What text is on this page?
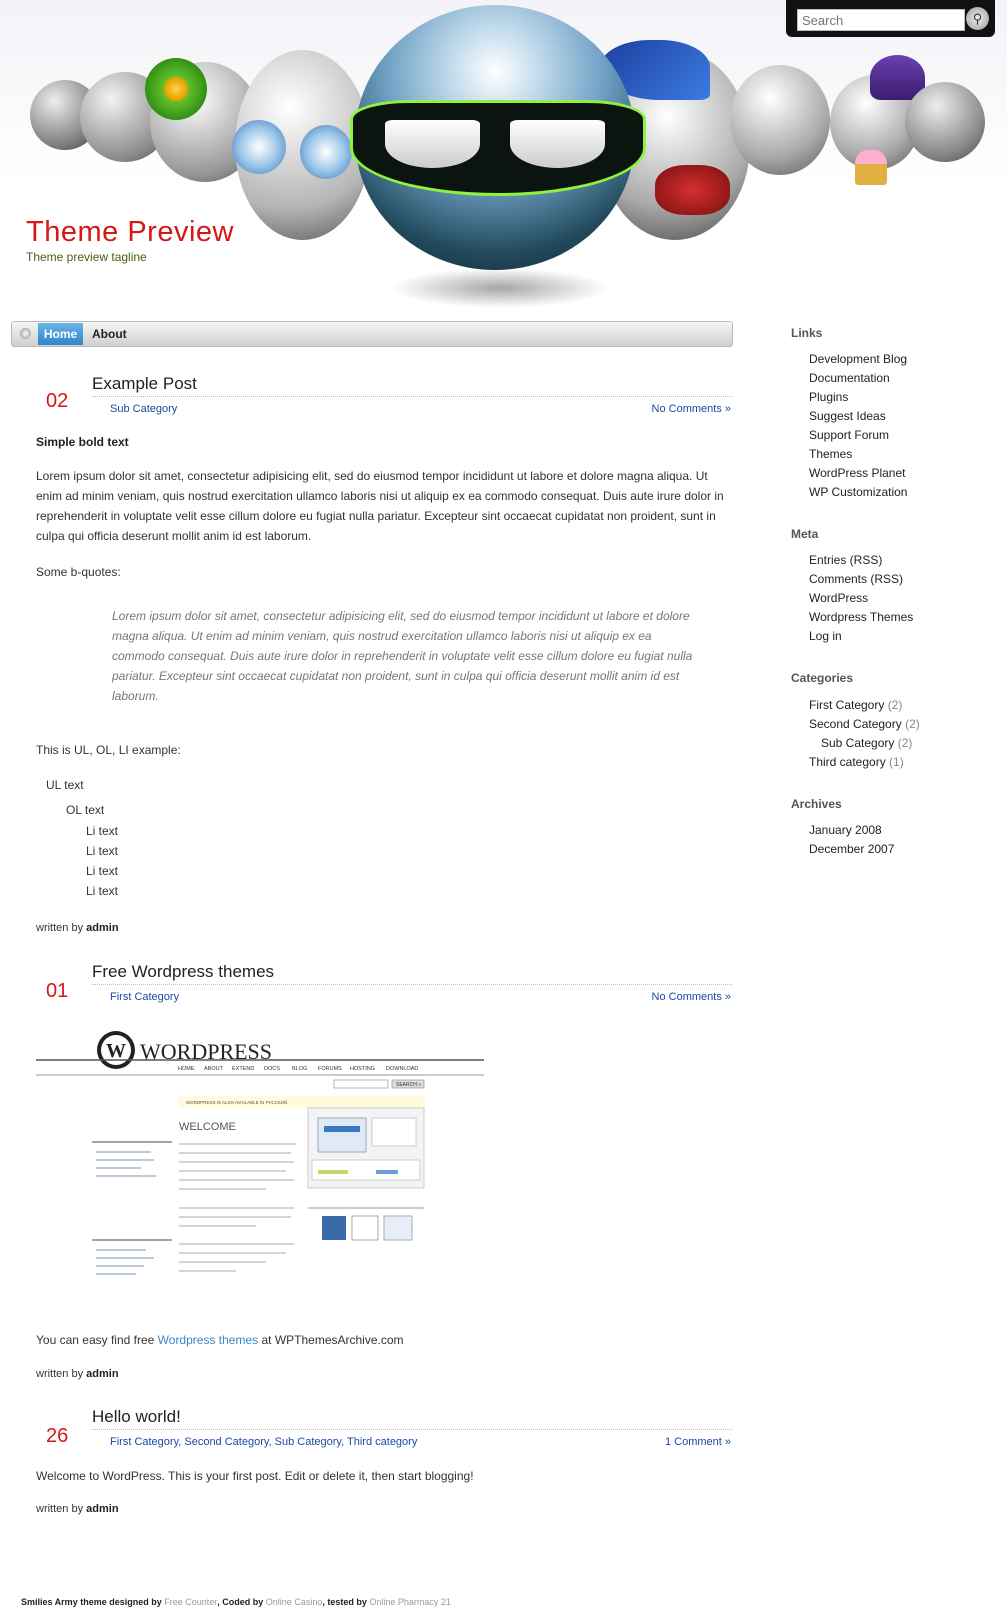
Theme Preview
Theme preview tagline
Search
⚲
Home	About
02
Example Post
Sub Category	No Comments »
Simple bold text
Lorem ipsum dolor sit amet, consectetur adipisicing elit, sed do eiusmod tempor incididunt ut labore et dolore magna aliqua. Ut enim ad minim veniam, quis nostrud exercitation ullamco laboris nisi ut aliquip ex ea commodo consequat. Duis aute irure dolor in reprehenderit in voluptate velit esse cillum dolore eu fugiat nulla pariatur. Excepteur sint occaecat cupidatat non proident, sunt in culpa qui officia deserunt mollit anim id est laborum.
Some b-quotes:
Lorem ipsum dolor sit amet, consectetur adipisicing elit, sed do eiusmod tempor incididunt ut labore et dolore magna aliqua. Ut enim ad minim veniam, quis nostrud exercitation ullamco laboris nisi ut aliquip ex ea commodo consequat. Duis aute irure dolor in reprehenderit in voluptate velit esse cillum dolore eu fugiat nulla pariatur. Excepteur sint occaecat cupidatat non proident, sunt in culpa qui officia deserunt mollit anim id est laborum.
This is UL, OL, LI example:
UL text
OL text
Li text
Li text
Li text
Li text
written by admin
01
Free Wordpress themes
First Category	No Comments »
W WORDPRESS
HOME ABOUT EXTEND DOCS BLOG FORUMS HOSTING DOWNLOAD
SEARCH »
WORDPRESS IS ALSO AVAILABLE IN PУССКИЙ.
WELCOME
You can easy find free Wordpress themes at WPThemesArchive.com
written by admin
26
Hello world!
First Category, Second Category, Sub Category, Third category	1 Comment »
Welcome to WordPress. This is your first post. Edit or delete it, then start blogging!
written by admin
Links
Development Blog
Documentation
Plugins
Suggest Ideas
Support Forum
Themes
WordPress Planet
WP Customization
Meta
Entries (RSS)
Comments (RSS)
WordPress
Wordpress Themes
Log in
Categories
First Category (2)
Second Category (2)
Sub Category (2)
Third category (1)
Archives
January 2008
December 2007
Smilies Army theme designed by Free Counter, Coded by Online Casino, tested by Online Pharmacy 21
